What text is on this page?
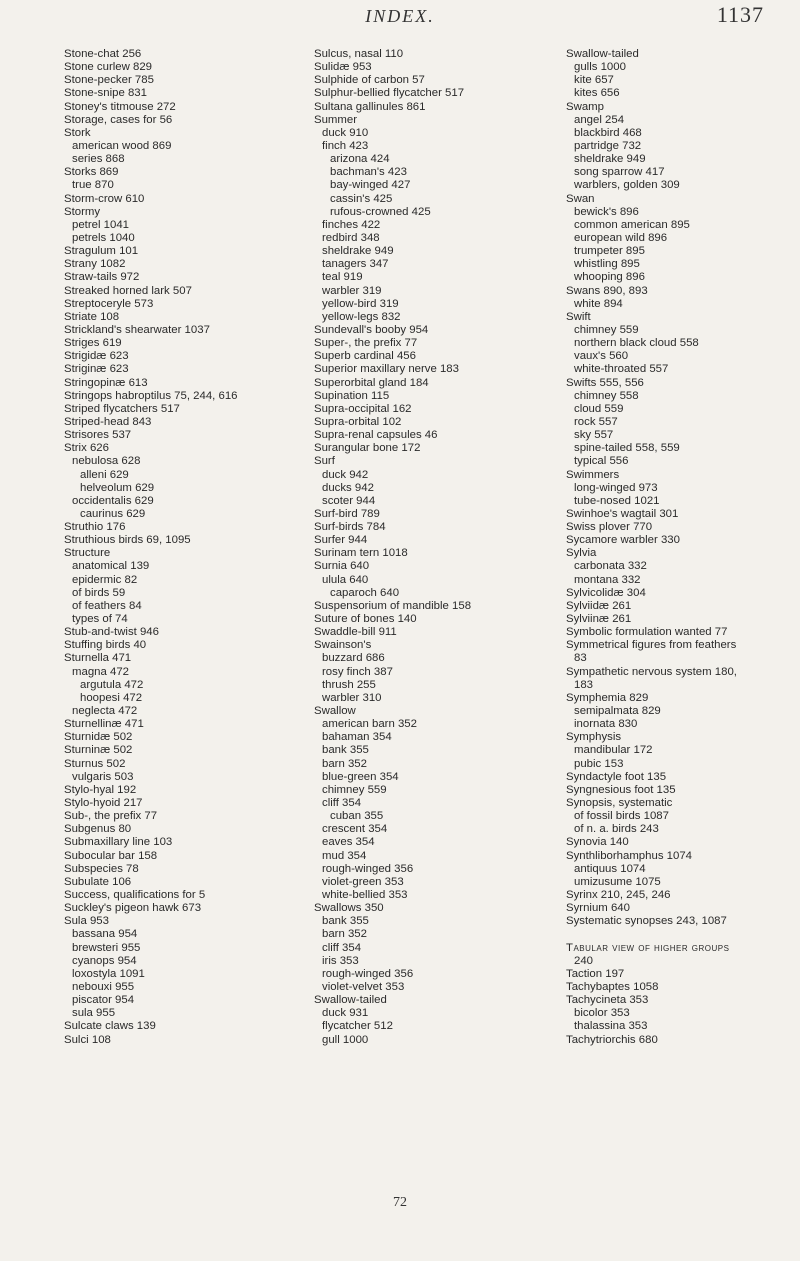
INDEX.	1137
Stone-chat 256
Stone curlew 829
Stone-pecker 785
Stone-snipe 831
Stoney's titmouse 272
Storage, cases for 56
Stork
american wood 869
series 868
Storks 869
true 870
Storm-crow 610
Stormy
petrel 1041
petrels 1040
Stragulum 101
Strany 1082
Straw-tails 972
Streaked horned lark 507
Streptoceryle 573
Striate 108
Strickland's shearwater 1037
Striges 619
Strigidæ 623
Striginæ 623
Stringopinæ 613
Stringops habroptilus 75, 244, 616
Striped flycatchers 517
Striped-head 843
Strisores 537
Strix 626
nebulosa 628
alleni 629
helveolum 629
occidentalis 629
caurinus 629
Struthio 176
Struthious birds 69, 1095
Structure
anatomical 139
epidermic 82
of birds 59
of feathers 84
types of 74
Stub-and-twist 946
Stuffing birds 40
Sturnella 471
magna 472
argutula 472
hoopesi 472
neglecta 472
Sturnellinæ 471
Sturnidæ 502
Sturninæ 502
Sturnus 502
vulgaris 503
Stylo-hyal 192
Stylo-hyoid 217
Sub-, the prefix 77
Subgenus 80
Submaxillary line 103
Subocular bar 158
Subspecies 78
Subulate 106
Success, qualifications for 5
Suckley's pigeon hawk 673
Sula 953
bassana 954
brewsteri 955
cyanops 954
loxostyla 1091
nebouxi 955
piscator 954
sula 955
Sulcate claws 139
Sulci 108
Sulcus, nasal 110
Sulidæ 953
Sulphide of carbon 57
Sulphur-bellied flycatcher 517
Sultana gallinules 861
Summer
duck 910
finch 423
arizona 424
bachman's 423
bay-winged 427
cassin's 425
rufous-crowned 425
finches 422
redbird 348
sheldrake 949
tanagers 347
teal 919
warbler 319
yellow-bird 319
yellow-legs 832
Sundevall's booby 954
Super-, the prefix 77
Superb cardinal 456
Superior maxillary nerve 183
Superorbital gland 184
Supination 115
Supra-occipital 162
Supra-orbital 102
Supra-renal capsules 46
Surangular bone 172
Surf
duck 942
ducks 942
scoter 944
Surf-bird 789
Surf-birds 784
Surfer 944
Surinam tern 1018
Surnia 640
ulula 640
caparoch 640
Suspensorium of mandible 158
Suture of bones 140
Swaddle-bill 911
Swainson's
buzzard 686
rosy finch 387
thrush 255
warbler 310
Swallow
american barn 352
bahaman 354
bank 355
barn 352
blue-green 354
chimney 559
cliff 354
cuban 355
crescent 354
eaves 354
mud 354
rough-winged 356
violet-green 353
white-bellied 353
Swallows 350
bank 355
barn 352
cliff 354
iris 353
rough-winged 356
violet-velvet 353
Swallow-tailed
duck 931
flycatcher 512
gull 1000
Swallow-tailed
gulls 1000
kite 657
kites 656
Swamp
angel 254
blackbird 468
partridge 732
sheldrake 949
song sparrow 417
warblers, golden 309
Swan
bewick's 896
common american 895
european wild 896
trumpeter 895
whistling 895
whooping 896
Swans 890, 893
white 894
Swift
chimney 559
northern black cloud 558
vaux's 560
white-throated 557
Swifts 555, 556
chimney 558
cloud 559
rock 557
sky 557
spine-tailed 558, 559
typical 556
Swimmers
long-winged 973
tube-nosed 1021
Swinhoe's wagtail 301
Swiss plover 770
Sycamore warbler 330
Sylvia
carbonata 332
montana 332
Sylvicolidæ 304
Sylviidæ 261
Sylviinæ 261
Symbolic formulation wanted 77
Symmetrical figures from feathers
83
Sympathetic nervous system 180,
183
Symphemia 829
semipalmata 829
inornata 830
Symphysis
mandibular 172
pubic 153
Syndactyle foot 135
Syngnesious foot 135
Synopsis, systematic
of fossil birds 1087
of n. a. birds 243
Synovia 140
Synthliborhamphus 1074
antiquus 1074
umizusume 1075
Syrinx 210, 245, 246
Syrnium 640
Systematic synopses 243, 1087

Tabular view of higher groups
240
Taction 197
Tachybaptes 1058
Tachycineta 353
bicolor 353
thalassina 353
Tachytriorchis 680
72
